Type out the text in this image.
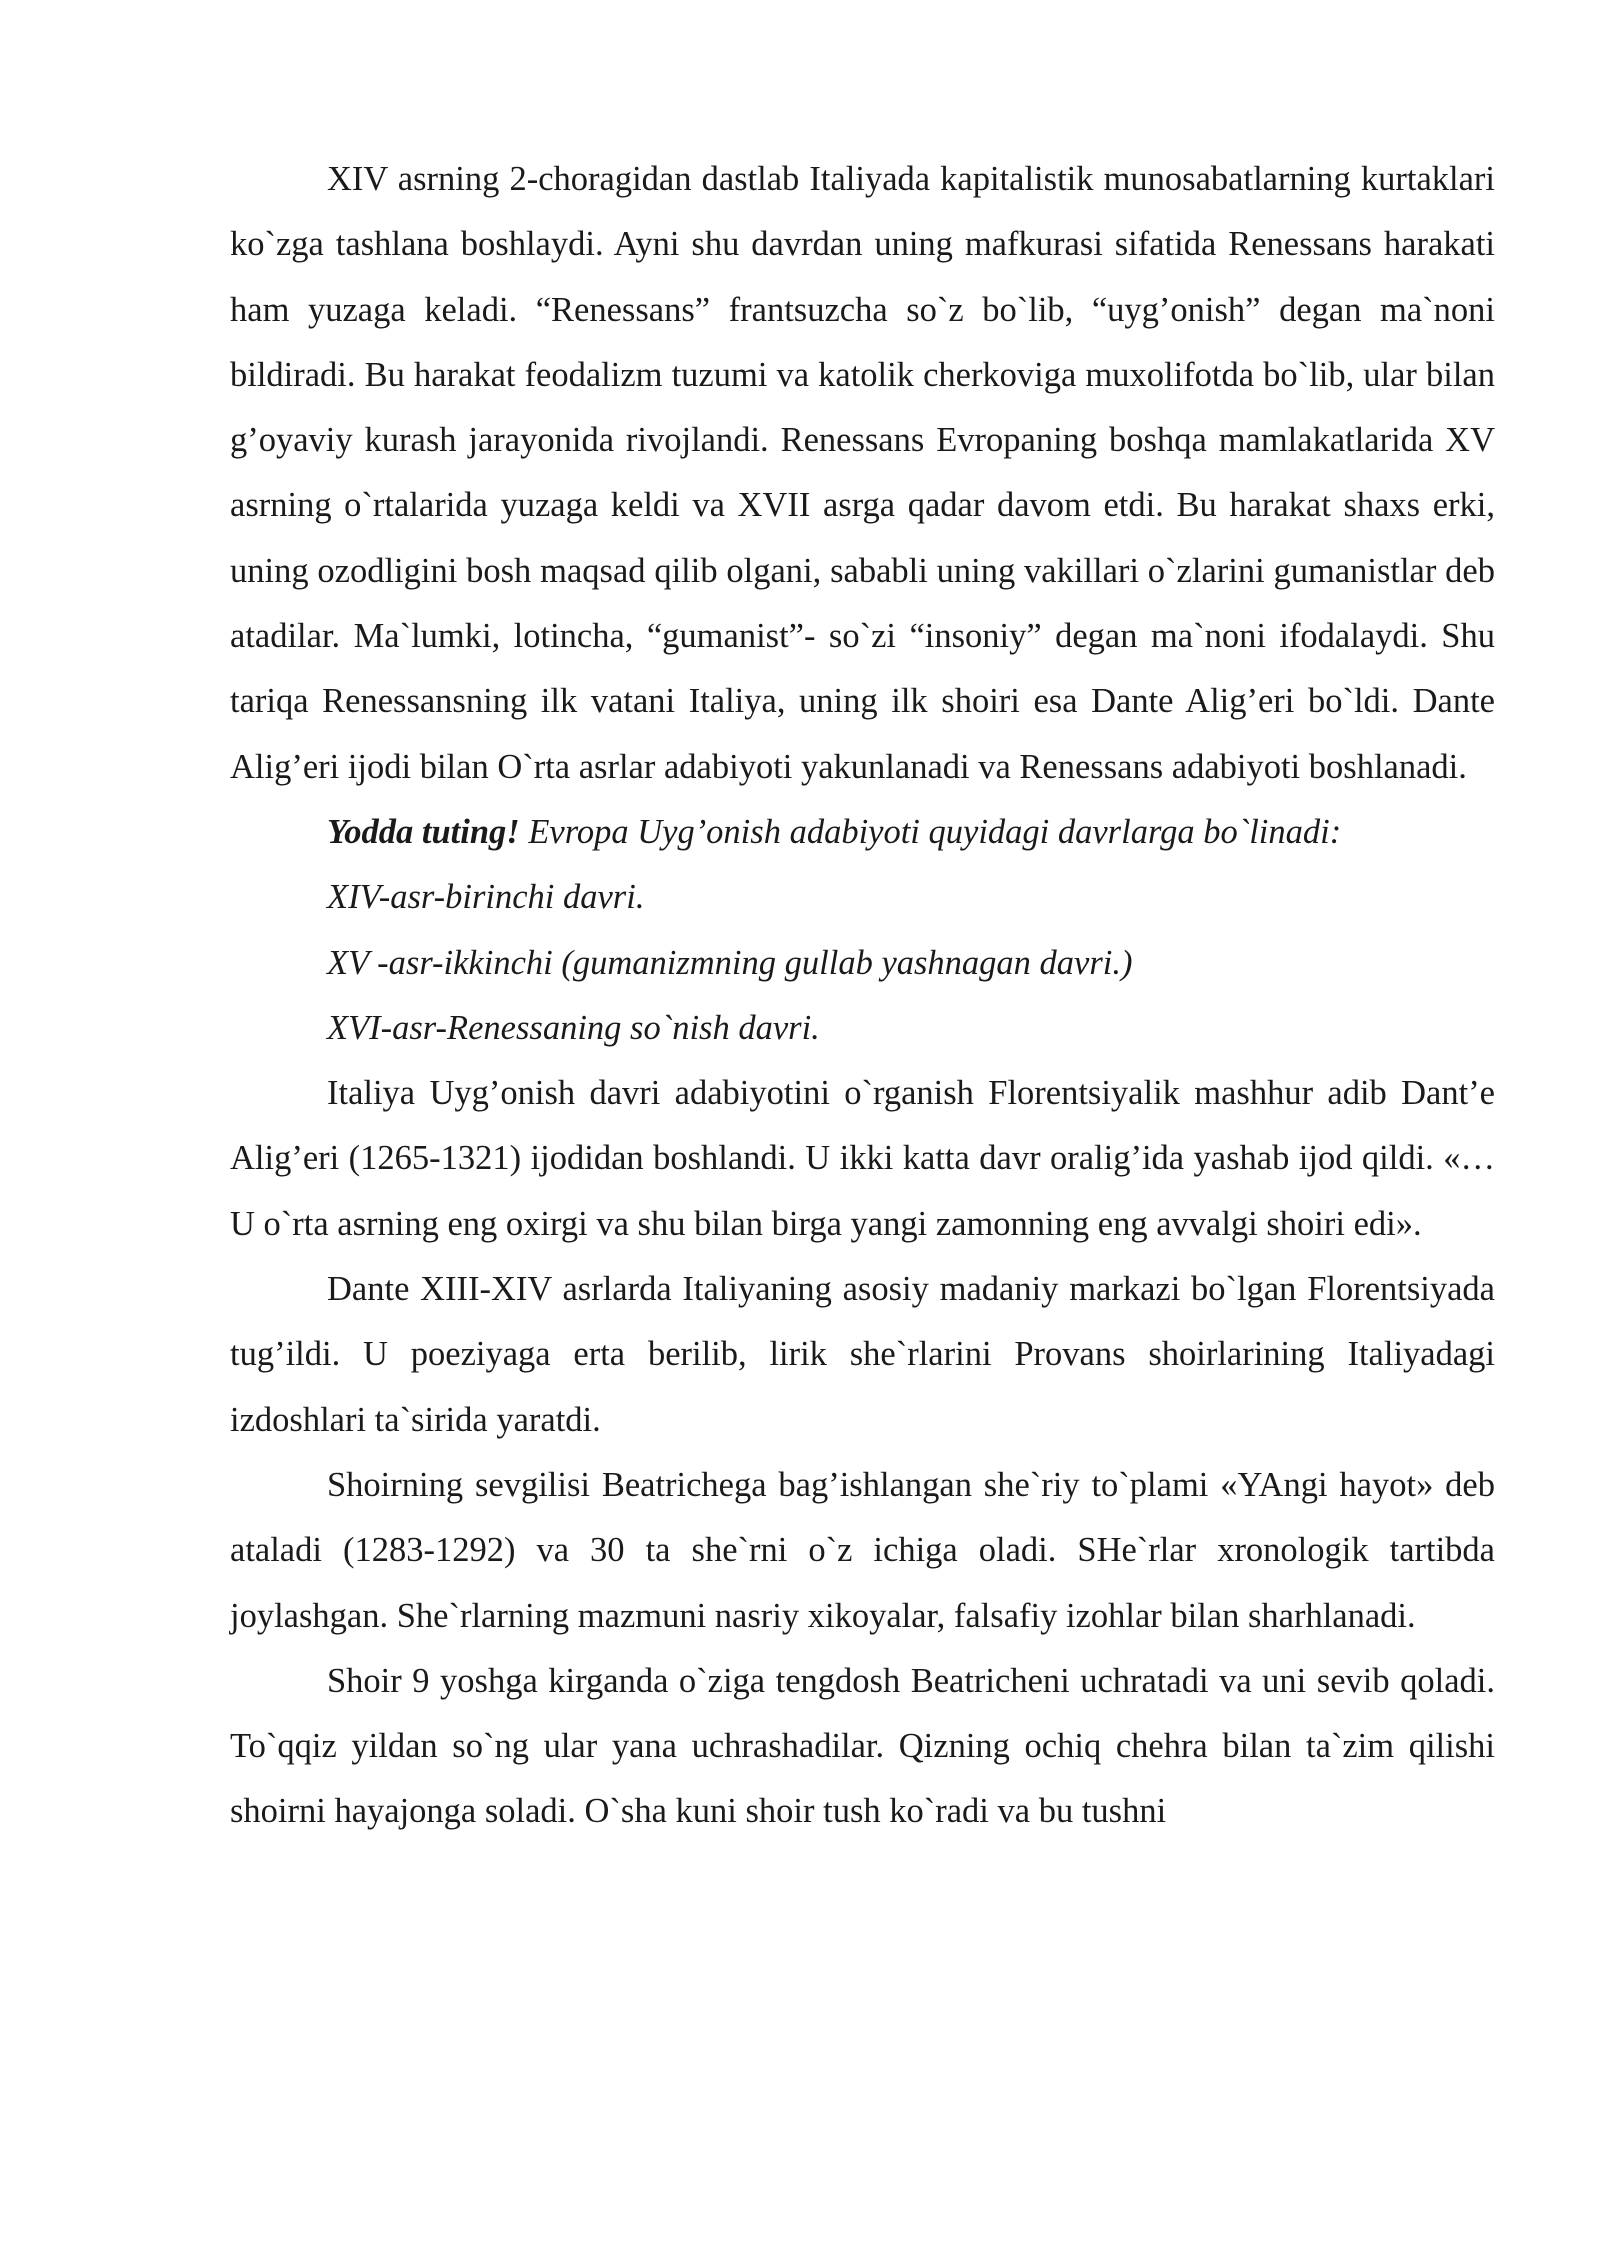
XIV asrning 2-choragidan dastlab Italiyada kapitalistik munosabatlarning kurtaklari ko`zga tashlana boshlaydi. Ayni shu davrdan uning mafkurasi sifatida Renessans harakati ham yuzaga keladi. “Renessans” frantsuzcha so`z bo`lib, “uyg’onish” degan ma`noni bildiradi. Bu harakat feodalizm tuzumi va katolik cherkoviga muxolifotda bo`lib, ular bilan g’oyaviy kurash jarayonida rivojlandi. Renessans Evropaning boshqa mamlakatlarida XV asrning o`rtalarida yuzaga keldi va XVII asrga qadar davom etdi. Bu harakat shaxs erki, uning ozodligini bosh maqsad qilib olgani, sababli uning vakillari o`zlarini gumanistlar deb atadilar. Ma`lumki, lotincha, “gumanist”- so`zi “insoniy” degan ma`noni ifodalaydi. Shu tariqa Renessansning ilk vatani Italiya, uning ilk shoiri esa Dante Alig’eri bo`ldi. Dante Alig’eri ijodi bilan O`rta asrlar adabiyoti yakunlanadi va Renessans adabiyoti boshlanadi.

Yodda tuting! Evropa Uyg’onish adabiyoti quyidagi davrlarga bo`linadi:

XIV-asr-birinchi davri.

XV -asr-ikkinchi (gumanizmning gullab yashnagan davri.)

XVI-asr-Renessaning so`nish davri.

Italiya Uyg’onish davri adabiyotini o`rganish Florentsiyalik mashhur adib Dant’e Alig’eri (1265-1321) ijodidan boshlandi. U ikki katta davr oralig’ida yashab ijod qildi. «… U o`rta asrning eng oxirgi va shu bilan birga yangi zamonning eng avvalgi shoiri edi».

Dante XIII-XIV asrlarda Italiyaning asosiy madaniy markazi bo`lgan Florentsiyada tug’ildi. U poeziyaga erta berilib, lirik she`rlarini Provans shoirlarining Italiyadagi izdoshlari ta`sirida yaratdi.

Shoirning sevgilisi Beatrichega bag’ishlangan she`riy to`plami «YAngi hayot» deb ataladi (1283-1292) va 30 ta she`rni o`z ichiga oladi. SHe`rlar xronologik tartibda joylashgan. She`rlarning mazmuni nasriy xikoyalar, falsafiy izohlar bilan sharhlanadi.

Shoir 9 yoshga kirganda o`ziga tengdosh Beatricheni uchratadi va uni sevib qoladi. To`qqiz yildan so`ng ular yana uchrashadilar. Qizning ochiq chehra bilan ta`zim qilishi shoirni hayajonga soladi. O`sha kuni shoir tush ko`radi va bu tushni
